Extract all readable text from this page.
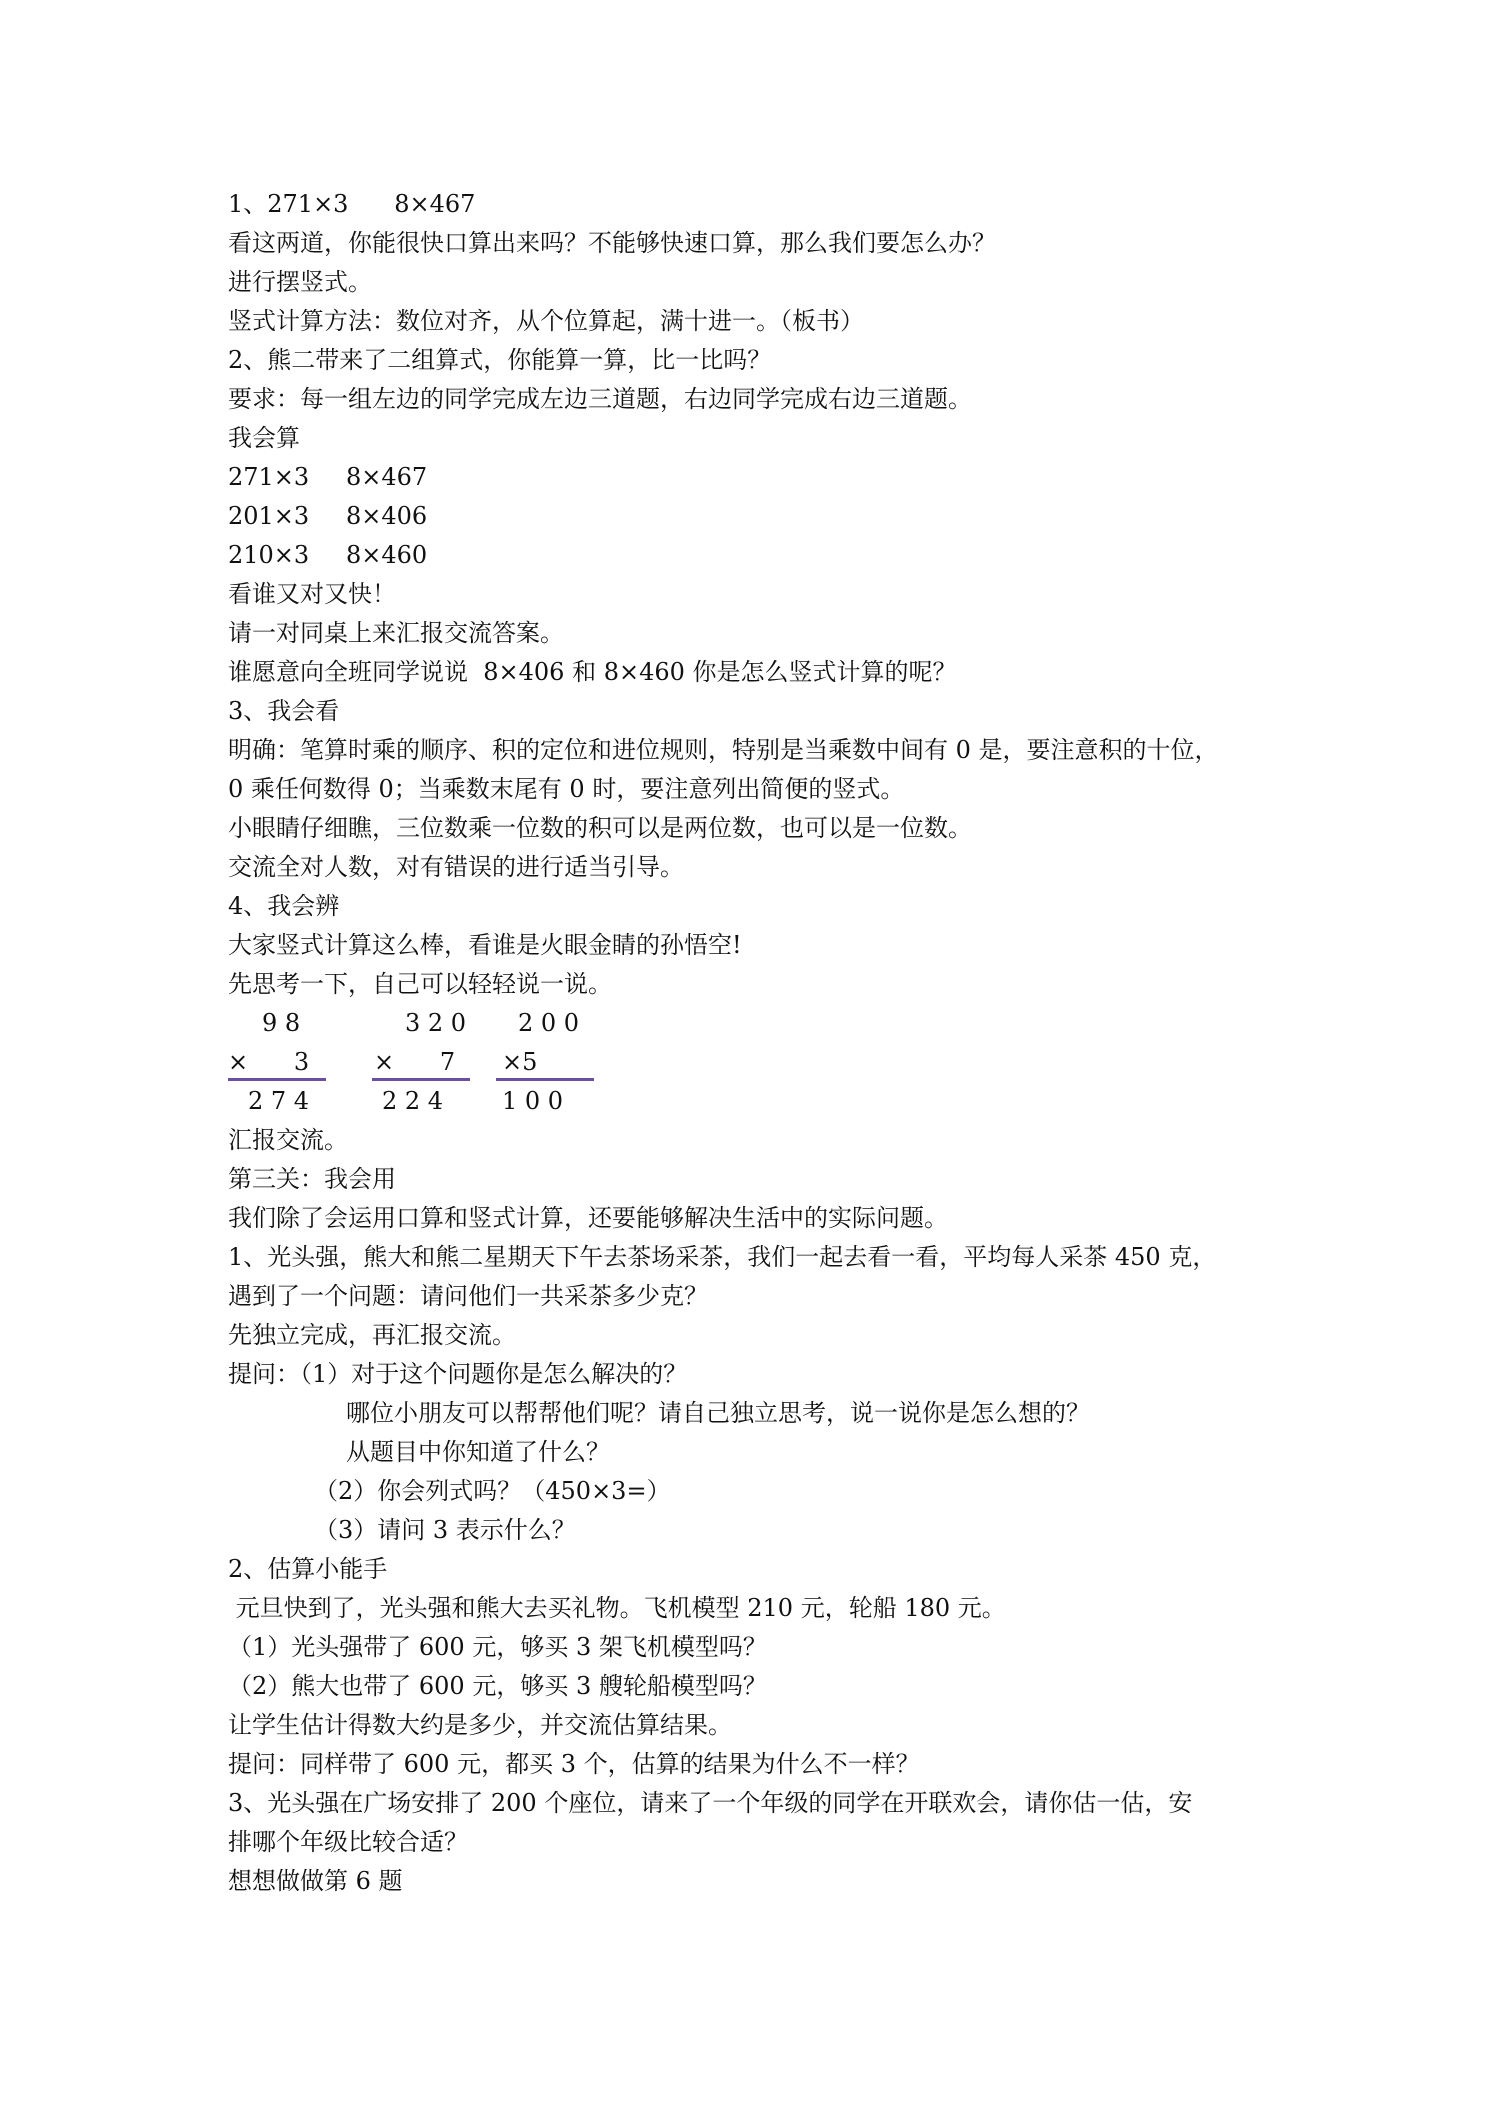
1、271×3      8×467
看这两道，你能很快口算出来吗？不能够快速口算，那么我们要怎么办？
进行摆竖式。
竖式计算方法：数位对齐，从个位算起，满十进一。（板书）
2、熊二带来了二组算式，你能算一算，比一比吗？
要求：每一组左边的同学完成左边三道题，右边同学完成右边三道题。
我会算
271×3	8×467
201×3	8×406
210×3	8×460
看谁又对又快！
请一对同桌上来汇报交流答案。
谁愿意向全班同学说说  8×406 和 8×460 你是怎么竖式计算的呢？
3、我会看
明确：笔算时乘的顺序、积的定位和进位规则，特别是当乘数中间有 0 是，要注意积的十位，
0 乘任何数得 0；当乘数末尾有 0 时，要注意列出简便的竖式。
小眼睛仔细瞧，三位数乘一位数的积可以是两位数，也可以是一位数。
交流全对人数，对有错误的进行适当引导。
4、我会辨
大家竖式计算这么棒，看谁是火眼金睛的孙悟空!
先思考一下，自己可以轻轻说一说。
9 8
×      3
2 7 4
3 2 0
×      7
2 2 4
2 0 0
×5
1 0 0
汇报交流。
第三关：我会用
我们除了会运用口算和竖式计算，还要能够解决生活中的实际问题。
1、光头强，熊大和熊二星期天下午去茶场采茶，我们一起去看一看，平均每人采茶 450 克，
遇到了一个问题：请问他们一共采茶多少克？
先独立完成，再汇报交流。
提问：（1）对于这个问题你是怎么解决的？
哪位小朋友可以帮帮他们呢？请自己独立思考，说一说你是怎么想的？
从题目中你知道了什么？
（2）你会列式吗？（450×3=）
（3）请问 3 表示什么？
2、估算小能手
元旦快到了，光头强和熊大去买礼物。飞机模型 210 元，轮船 180 元。
（1）光头强带了 600 元，够买 3 架飞机模型吗？
（2）熊大也带了 600 元，够买 3 艘轮船模型吗？
让学生估计得数大约是多少，并交流估算结果。
提问：同样带了 600 元，都买 3 个，估算的结果为什么不一样？
3、光头强在广场安排了 200 个座位，请来了一个年级的同学在开联欢会，请你估一估，安
排哪个年级比较合适？
想想做做第 6 题
